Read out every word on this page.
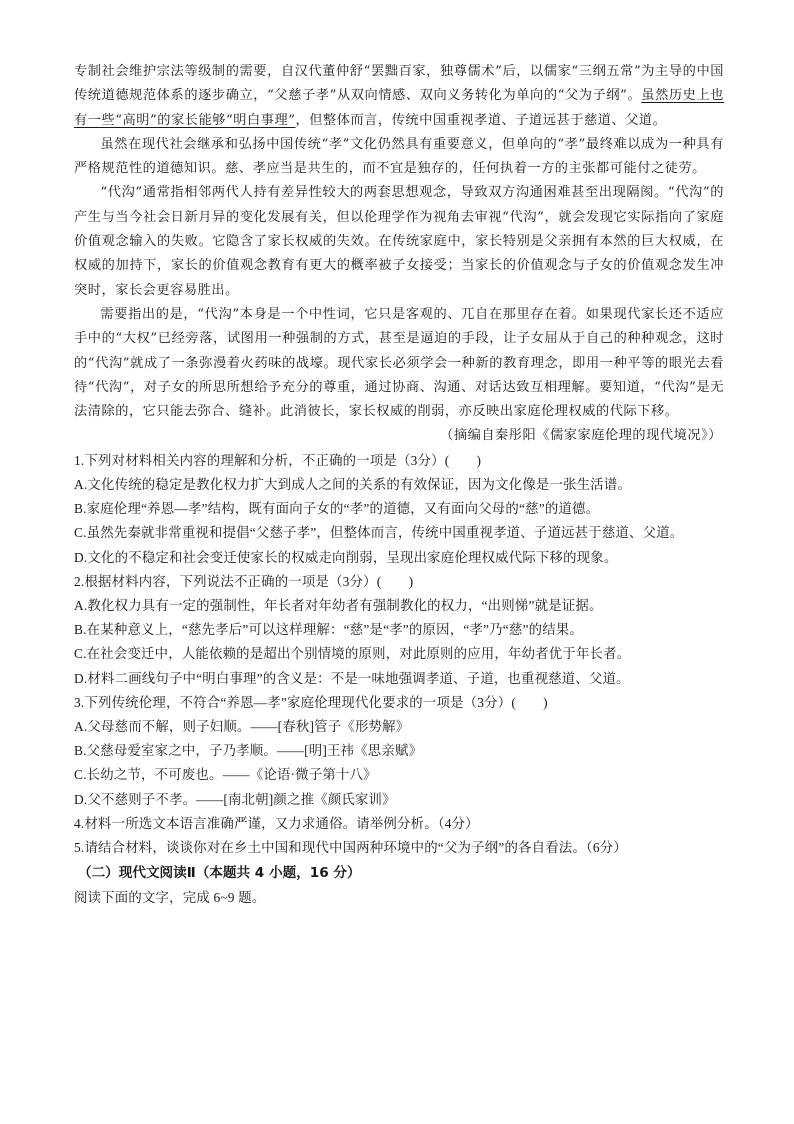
专制社会维护宗法等级制的需要，自汉代董仲舒“罢黜百家，独尊儒术”后，以儒家“三纲五常”为主导的中国传统道德规范体系的逐步确立，“父慈子孝”从双向情感、双向义务转化为单向的“父为子纲”。虽然历史上也有一些“高明”的家长能够“明白事理”，但整体而言，传统中国重视孝道、子道远甚于慈道、父道。

虽然在现代社会继承和弘扬中国传统“孝”文化仍然具有重要意义，但单向的“孝”最终难以成为一种具有严格规范性的道德知识。慈、孝应当是共生的，而不宜是独存的，任何执着一方的主张都可能付之徒劳。

“代沟”通常指相邻两代人持有差异性较大的两套思想观念，导致双方沟通困难甚至出现隔阂。“代沟”的产生与当今社会日新月异的变化发展有关，但以伦理学作为视角去审视“代沟”，就会发现它实际指向了家庭价值观念输入的失败。它隐含了家长权威的失效。在传统家庭中，家长特别是父亲拥有本然的巨大权威，在权威的加持下，家长的价值观念教育有更大的概率被子女接受；当家长的价值观念与子女的价值观念发生冲突时，家长会更容易胜出。

需要指出的是，“代沟”本身是一个中性词，它只是客观的、兀自在那里存在着。如果现代家长还不适应手中的“大权”已经旁落，试图用一种强制的方式，甚至是逼迫的手段，让子女屈从于自己的种种观念，这时的“代沟”就成了一条弥漫着火药味的战壕。现代家长必须学会一种新的教育理念，即用一种平等的眼光去看待“代沟”，对子女的所思所想给予充分的尊重，通过协商、沟通、对话达致互相理解。要知道，“代沟”是无法清除的，它只能去弥合、缝补。此消彼长，家长权威的削弱，亦反映出家庭伦理权威的代际下移。

（摘编自秦彤阳《儒家家庭伦理的现代境况》）

1.下列对材料相关内容的理解和分析，不正确的一项是（3分）(　　)

A.文化传统的稳定是教化权力扩大到成人之间的关系的有效保证，因为文化像是一张生活谱。

B.家庭伦理“养恩—孝”结构，既有面向子女的“孝”的道德，又有面向父母的“慈”的道德。

C.虽然先秦就非常重视和提倡“父慈子孝”，但整体而言，传统中国重视孝道、子道远甚于慈道、父道。

D.文化的不稳定和社会变迁使家长的权威走向削弱，呈现出家庭伦理权威代际下移的现象。

2.根据材料内容，下列说法不正确的一项是（3分）(　　)

A.教化权力具有一定的强制性，年长者对年幼者有强制教化的权力，“出则悌”就是证据。

B.在某种意义上，“慈先孝后”可以这样理解：“慈”是“孝”的原因，“孝”乃“慈”的结果。

C.在社会变迁中，人能依赖的是超出个别情境的原则，对此原则的应用，年幼者优于年长者。

D.材料二画线句子中“明白事理”的含义是：不是一味地强调孝道、子道，也重视慈道、父道。

3.下列传统伦理，不符合“养恩—孝”家庭伦理现代化要求的一项是（3分）(　　)

A.父母慈而不解，则子妇顺。——[春秋]管子《形势解》

B.父慈母爱室家之中，子乃孝顺。——[明]王祎《思亲赋》

C.长幼之节，不可废也。——《论语·微子第十八》

D.父不慈则子不孝。——[南北朝]颜之推《颜氏家训》

4.材料一所选文本语言准确严谨，又力求通俗。请举例分析。（4分）

5.请结合材料，谈谈你对在乡土中国和现代中国两种环境中的“父为子纲”的各自看法。（6分）

（二）现代文阅读Ⅱ（本题共 4 小题，16 分）

阅读下面的文字，完成 6~9 题。
